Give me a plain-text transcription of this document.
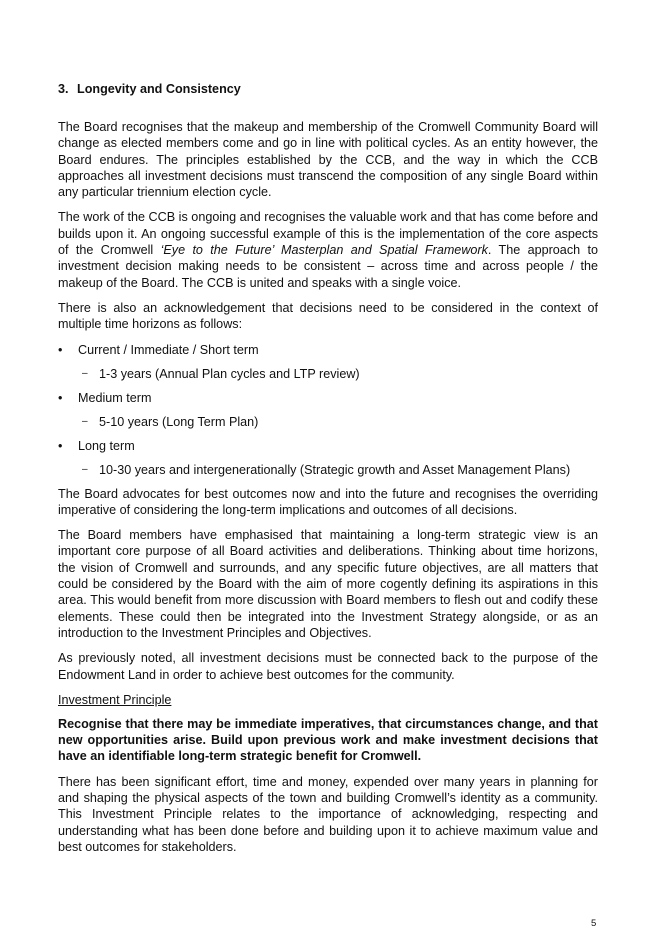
3. Longevity and Consistency

The Board recognises that the makeup and membership of the Cromwell Community Board will change as elected members come and go in line with political cycles. As an entity however, the Board endures. The principles established by the CCB, and the way in which the CCB approaches all investment decisions must transcend the composition of any single Board within any particular triennium election cycle.

The work of the CCB is ongoing and recognises the valuable work and that has come before and builds upon it. An ongoing successful example of this is the implementation of the core aspects of the Cromwell ‘Eye to the Future’ Masterplan and Spatial Framework. The approach to investment decision making needs to be consistent – across time and across people / the makeup of the Board. The CCB is united and speaks with a single voice.

There is also an acknowledgement that decisions need to be considered in the context of multiple time horizons as follows:

• Current / Immediate / Short term
– 1-3 years (Annual Plan cycles and LTP review)
• Medium term
– 5-10 years (Long Term Plan)
• Long term
– 10-30 years and intergenerationally (Strategic growth and Asset Management Plans)

The Board advocates for best outcomes now and into the future and recognises the overriding imperative of considering the long-term implications and outcomes of all decisions.

The Board members have emphasised that maintaining a long-term strategic view is an important core purpose of all Board activities and deliberations. Thinking about time horizons, the vision of Cromwell and surrounds, and any specific future objectives, are all matters that could be considered by the Board with the aim of more cogently defining its aspirations in this area. This would benefit from more discussion with Board members to flesh out and codify these elements. These could then be integrated into the Investment Strategy alongside, or as an introduction to the Investment Principles and Objectives.

As previously noted, all investment decisions must be connected back to the purpose of the Endowment Land in order to achieve best outcomes for the community.

Investment Principle

Recognise that there may be immediate imperatives, that circumstances change, and that new opportunities arise. Build upon previous work and make investment decisions that have an identifiable long-term strategic benefit for Cromwell.

There has been significant effort, time and money, expended over many years in planning for and shaping the physical aspects of the town and building Cromwell’s identity as a community. This Investment Principle relates to the importance of acknowledging, respecting and understanding what has been done before and building upon it to achieve maximum value and best outcomes for stakeholders.

5
